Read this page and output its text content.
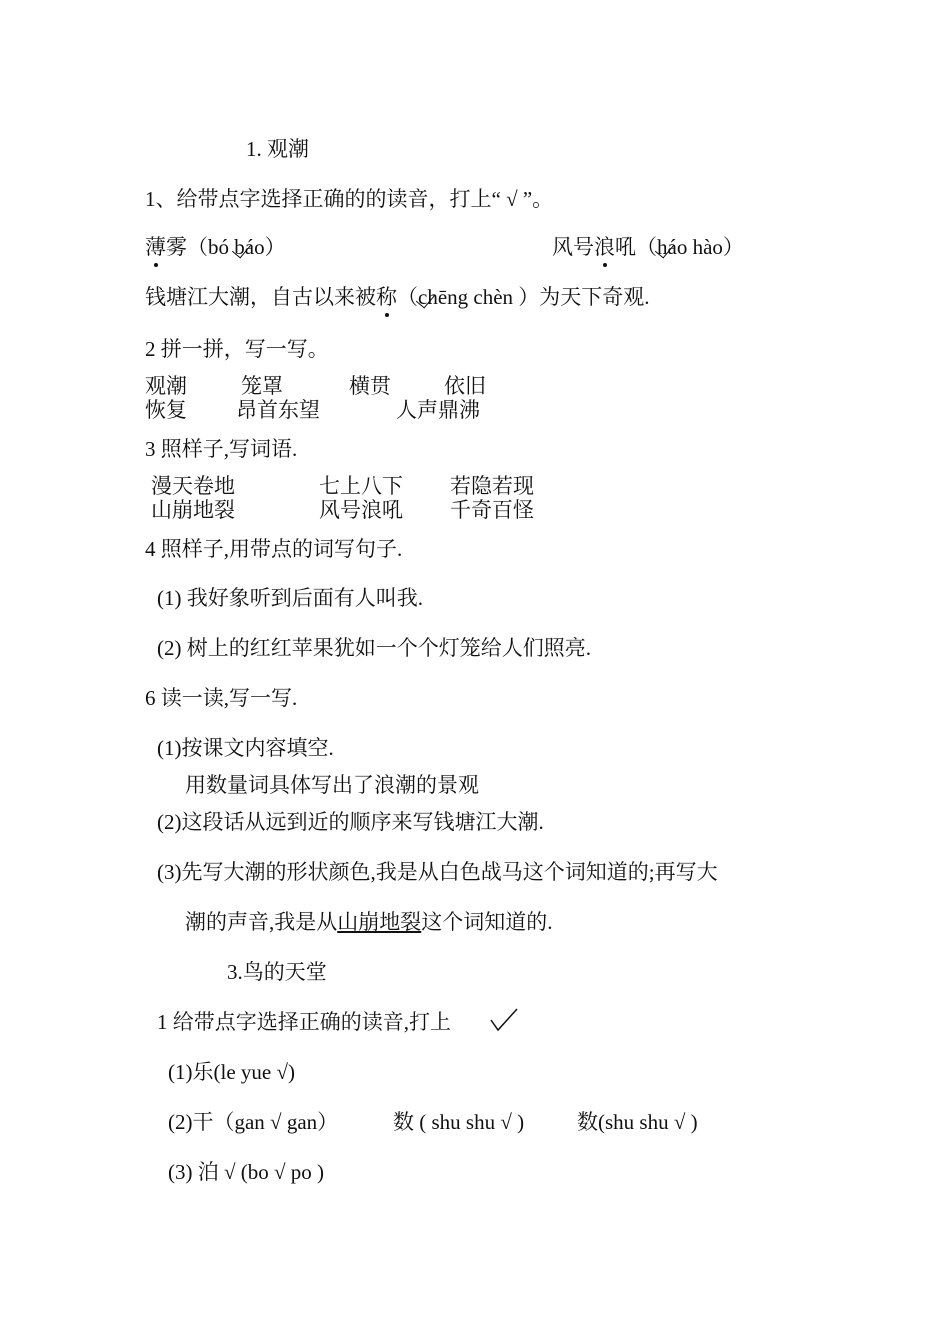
1. 观潮
1、给带点字选择正确的的读音，打上“ √ ”。
薄雾（bó báo）	风号浪吼（háo hào）
钱塘江大潮，自古以来被称（chēng chèn ）为天下奇观.
2 拼一拼，写一写。
观潮	笼罩	横贯	依旧
恢复 昂首东望	人声鼎沸
3 照样子,写词语.
漫天卷地	七上八下 若隐若现
山崩地裂	风号浪吼 千奇百怪
4 照样子,用带点的词写句子.
(1) 我好象听到后面有人叫我.
(2) 树上的红红苹果犹如一个个灯笼给人们照亮.
6 读一读,写一写.
(1)按课文内容填空.
用数量词具体写出了浪潮的景观
(2)这段话从远到近的顺序来写钱塘江大潮.
(3)先写大潮的形状颜色,我是从白色战马这个词知道的;再写大
潮的声音,我是从山崩地裂这个词知道的.
3.鸟的天堂
1 给带点字选择正确的读音,打上
(1)乐(le yue √)
(2)干（gan √ gan）	数 ( shu shu √ )	数(shu shu √ )
(3) 泊 √ (bo √ po )
